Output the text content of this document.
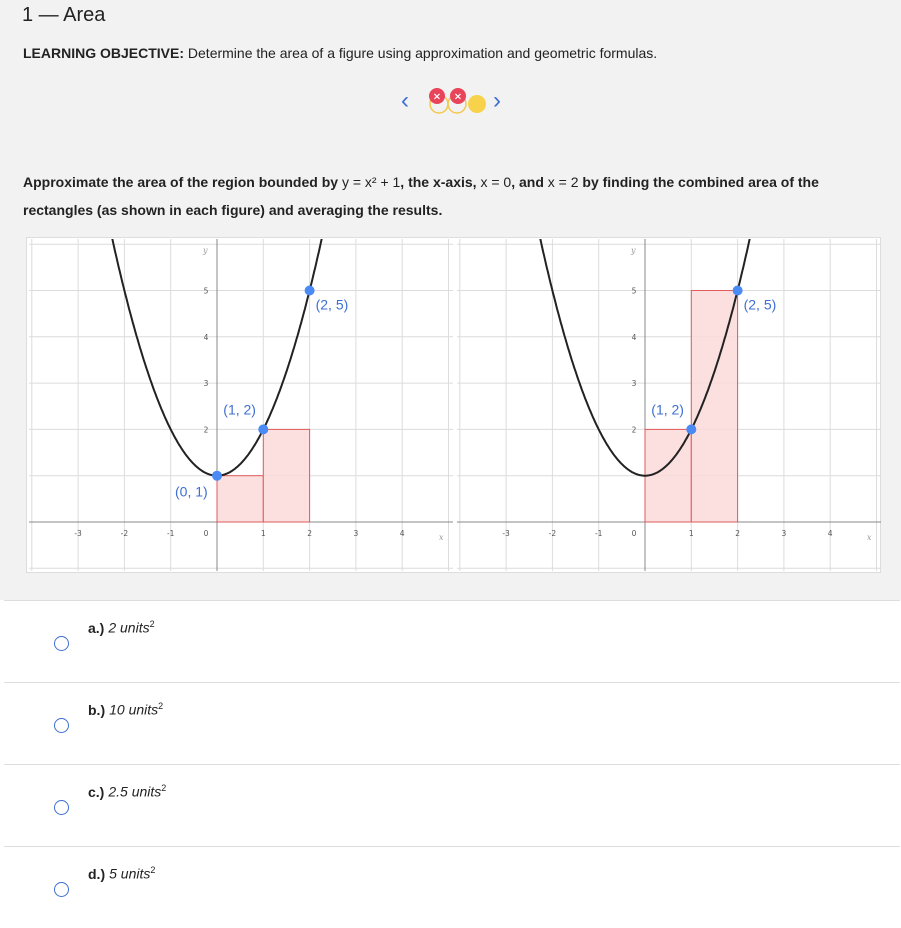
1 — Area
LEARNING OBJECTIVE: Determine the area of a figure using approximation and geometric formulas.
‹ × × ›
Approximate the area of the region bounded by y = x² + 1, the x-axis, x = 0, and x = 2 by finding the combined area of the rectangles (as shown in each figure) and averaging the results.
-3	-2	-1	0	1	2	3	4
2
3
4
5
x
y
(0, 1)
(1, 2)
(2, 5)
-3	-2	-1	0	1	2	3	4
2
3
4
5
x
y
(1, 2)
(2, 5)
a.) 2 units$^2$
b.) 10 units$^2$
c.) 2.5 units$^2$
d.) 5 units$^2$
